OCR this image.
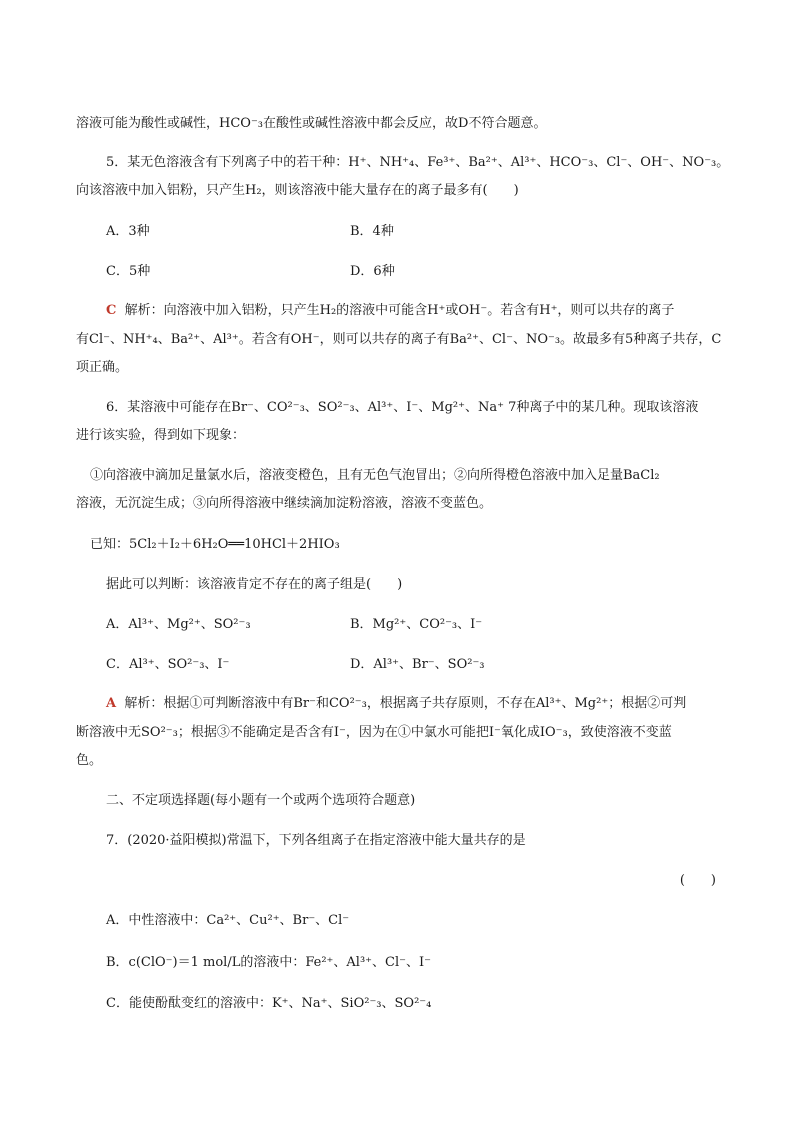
溶液可能为酸性或碱性，HCO⁻₃在酸性或碱性溶液中都会反应，故D不符合题意。
5．某无色溶液含有下列离子中的若干种：H⁺、NH⁺₄、Fe³⁺、Ba²⁺、Al³⁺、HCO⁻₃、Cl⁻、OH⁻、NO⁻₃。
向该溶液中加入铝粉，只产生H₂，则该溶液中能大量存在的离子最多有(　　)
A．3种	B．4种
C．5种	D．6种
C 解析：向溶液中加入铝粉，只产生H₂的溶液中可能含H⁺或OH⁻。若含有H⁺，则可以共存的离子
有Cl⁻、NH⁺₄、Ba²⁺、Al³⁺。若含有OH⁻，则可以共存的离子有Ba²⁺、Cl⁻、NO⁻₃。故最多有5种离子共存，C
项正确。
6．某溶液中可能存在Br⁻、CO²⁻₃、SO²⁻₃、Al³⁺、I⁻、Mg²⁺、Na⁺ 7种离子中的某几种。现取该溶液
进行该实验，得到如下现象：
①向溶液中滴加足量氯水后，溶液变橙色，且有无色气泡冒出；②向所得橙色溶液中加入足量BaCl₂
溶液，无沉淀生成；③向所得溶液中继续滴加淀粉溶液，溶液不变蓝色。
已知：5Cl₂＋I₂＋6H₂O══10HCl＋2HIO₃
据此可以判断：该溶液肯定不存在的离子组是(　　)
A．Al³⁺、Mg²⁺、SO²⁻₃	B．Mg²⁺、CO²⁻₃、I⁻
C．Al³⁺、SO²⁻₃、I⁻	D．Al³⁺、Br⁻、SO²⁻₃
A 解析：根据①可判断溶液中有Br⁻和CO²⁻₃，根据离子共存原则，不存在Al³⁺、Mg²⁺；根据②可判
断溶液中无SO²⁻₃；根据③不能确定是否含有I⁻，因为在①中氯水可能把I⁻氧化成IO⁻₃，致使溶液不变蓝
色。
二、不定项选择题(每小题有一个或两个选项符合题意)
7．(2020·益阳模拟)常温下，下列各组离子在指定溶液中能大量共存的是
(　　)
A．中性溶液中：Ca²⁺、Cu²⁺、Br⁻、Cl⁻
B．c(ClO⁻)＝1 mol/L的溶液中：Fe²⁺、Al³⁺、Cl⁻、I⁻
C．能使酚酞变红的溶液中：K⁺、Na⁺、SiO²⁻₃、SO²⁻₄
